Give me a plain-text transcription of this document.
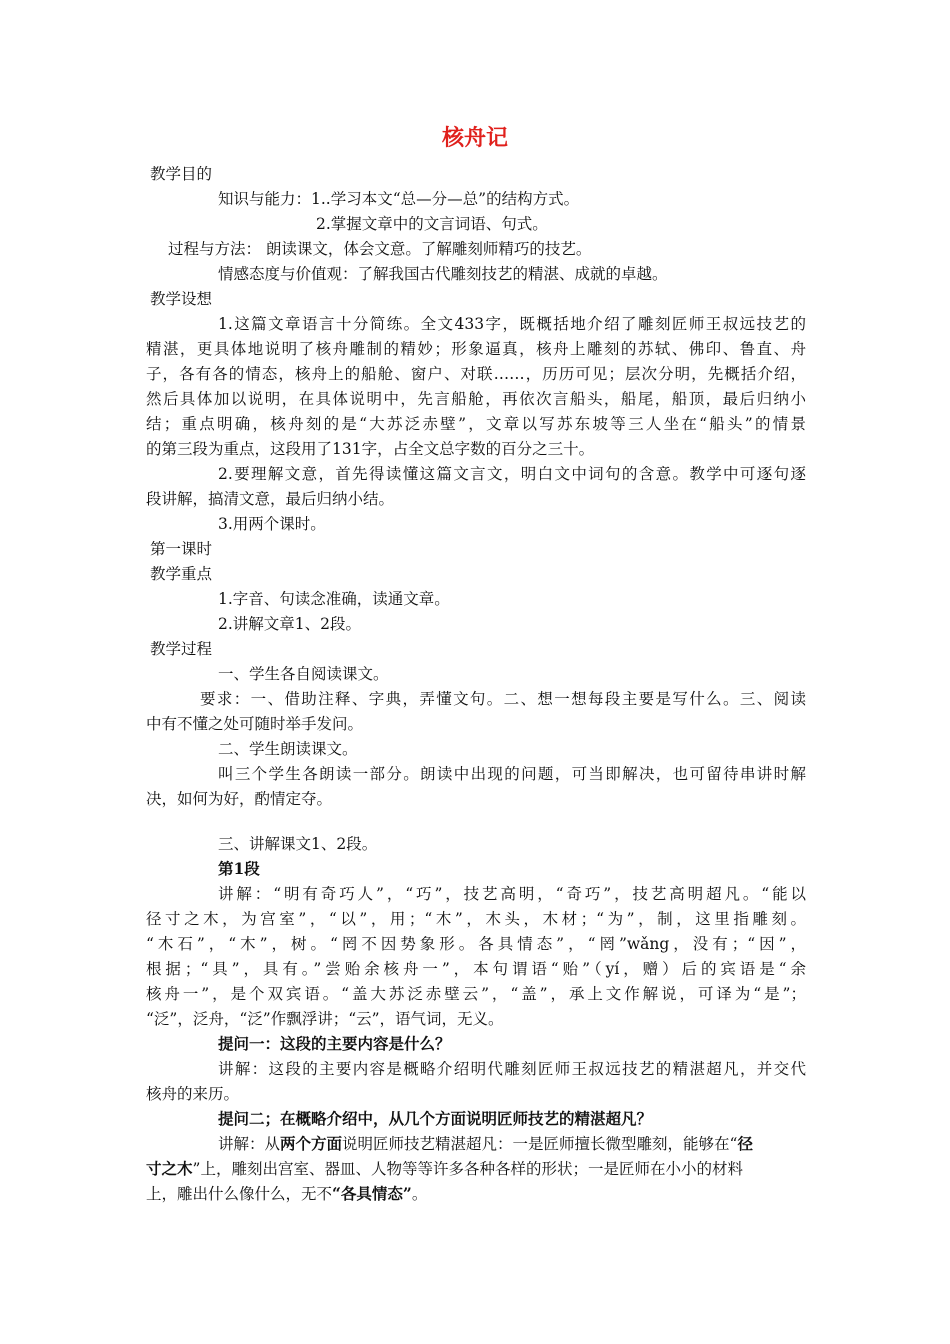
核舟记
教学目的
知识与能力：1..学习本文“总—分—总”的结构方式。
2.掌握文章中的文言词语、句式。
过程与方法： 朗读课文，体会文意。了解雕刻师精巧的技艺。
情感态度与价值观：了解我国古代雕刻技艺的精湛、成就的卓越。
教学设想
1.这篇文章语言十分简练。全文433字，既概括地介绍了雕刻匠师王叔远技艺的
精湛，更具体地说明了核舟雕制的精妙；形象逼真，核舟上雕刻的苏轼、佛印、鲁直、舟
子，各有各的情态，核舟上的船舱、窗户、对联……，历历可见；层次分明，先概括介绍，
然后具体加以说明，在具体说明中，先言船舱，再依次言船头，船尾，船顶，最后归纳小
结；重点明确，核舟刻的是“大苏泛赤壁”，文章以写苏东坡等三人坐在“船头”的情景
的第三段为重点，这段用了131字，占全文总字数的百分之三十。
2.要理解文意，首先得读懂这篇文言文，明白文中词句的含意。教学中可逐句逐
段讲解，搞清文意，最后归纳小结。
3.用两个课时。
第一课时
教学重点
1.字音、句读念准确，读通文章。
2.讲解文章1、2段。
教学过程
一、学生各自阅读课文。
要求：一、借助注释、字典，弄懂文句。二、想一想每段主要是写什么。三、阅读
中有不懂之处可随时举手发问。
二、学生朗读课文。
叫三个学生各朗读一部分。朗读中出现的问题，可当即解决，也可留待串讲时解
决，如何为好，酌情定夺。
三、讲解课文1、2段。
第1段
讲解：“明有奇巧人”，“巧”，技艺高明，“奇巧”，技艺高明超凡。“能以
径寸之木，为宫室”，“以”，用；“木”，木头，木材；“为”，制，这里指雕刻。
“木石”，“木”，树。“罔不因势象形。各具情态”，“罔”wǎng，没有；“因”，
根据；“具”，具有。”尝贻余核舟一”，本句谓语“贻”（yí，赠）后的宾语是“余
核舟一”，是个双宾语。“盖大苏泛赤壁云”，“盖”，承上文作解说，可译为“是”；
“泛”，泛舟，“泛”作飘浮讲；“云”，语气词，无义。
提问一：这段的主要内容是什么？
讲解：这段的主要内容是概略介绍明代雕刻匠师王叔远技艺的精湛超凡，并交代
核舟的来历。
提问二；在概略介绍中，从几个方面说明匠师技艺的精湛超凡？
讲解：从两个方面说明匠师技艺精湛超凡：一是匠师擅长微型雕刻，能够在“径
寸之木”上，雕刻出宫室、器皿、人物等等许多各种各样的形状；一是匠师在小小的材料
上，雕出什么像什么，无不“各具情态”。
